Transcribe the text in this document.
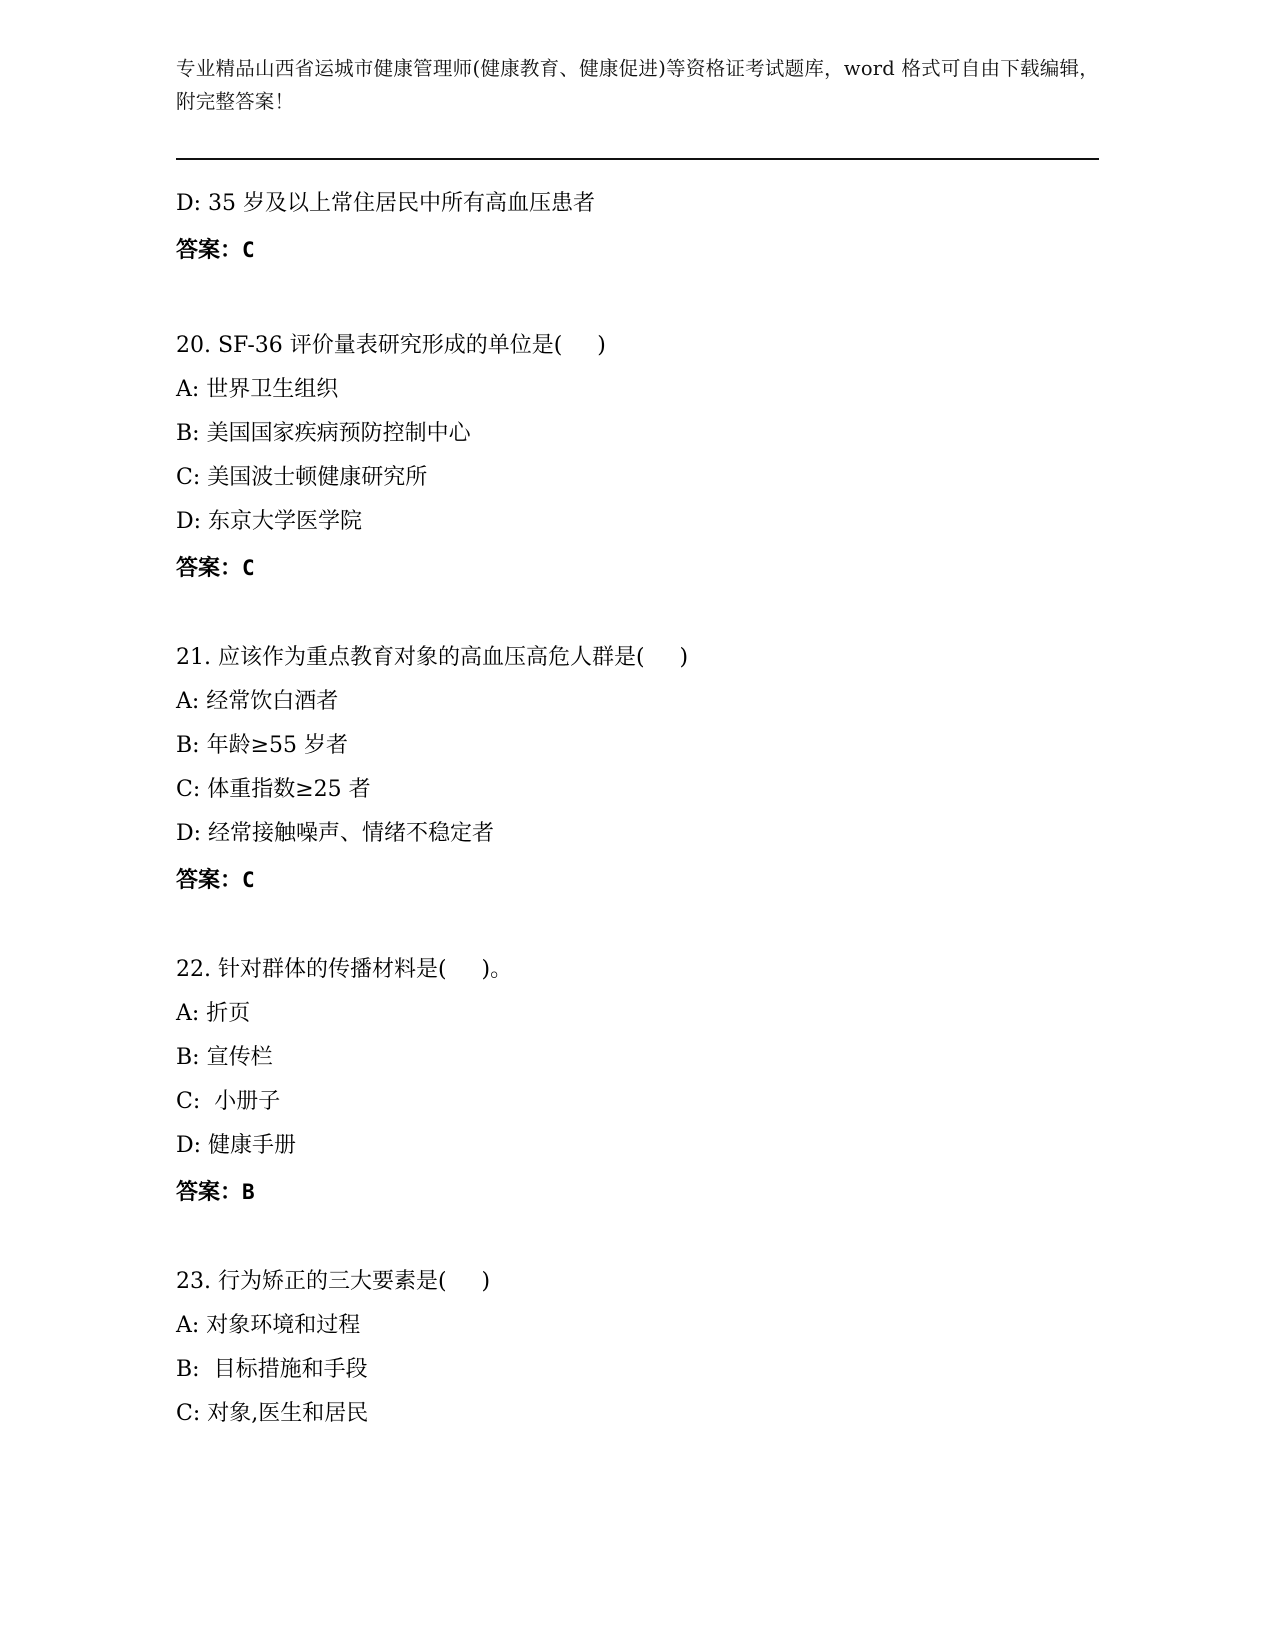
专业精品山西省运城市健康管理师(健康教育、健康促进)等资格证考试题库，word 格式可自由下载编辑，附完整答案！
D: 35 岁及以上常住居民中所有高血压患者
答案：C
20. SF-36 评价量表研究形成的单位是(     )
A: 世界卫生组织
B: 美国国家疾病预防控制中心
C: 美国波士顿健康研究所
D: 东京大学医学院
答案：C
21. 应该作为重点教育对象的高血压高危人群是(     )
A: 经常饮白酒者
B: 年龄≥55 岁者
C: 体重指数≥25 者
D: 经常接触噪声、情绪不稳定者
答案：C
22. 针对群体的传播材料是(     )。
A: 折页
B: 宣传栏
C:  小册子
D: 健康手册
答案：B
23. 行为矫正的三大要素是(     )
A: 对象环境和过程
B:  目标措施和手段
C: 对象,医生和居民
